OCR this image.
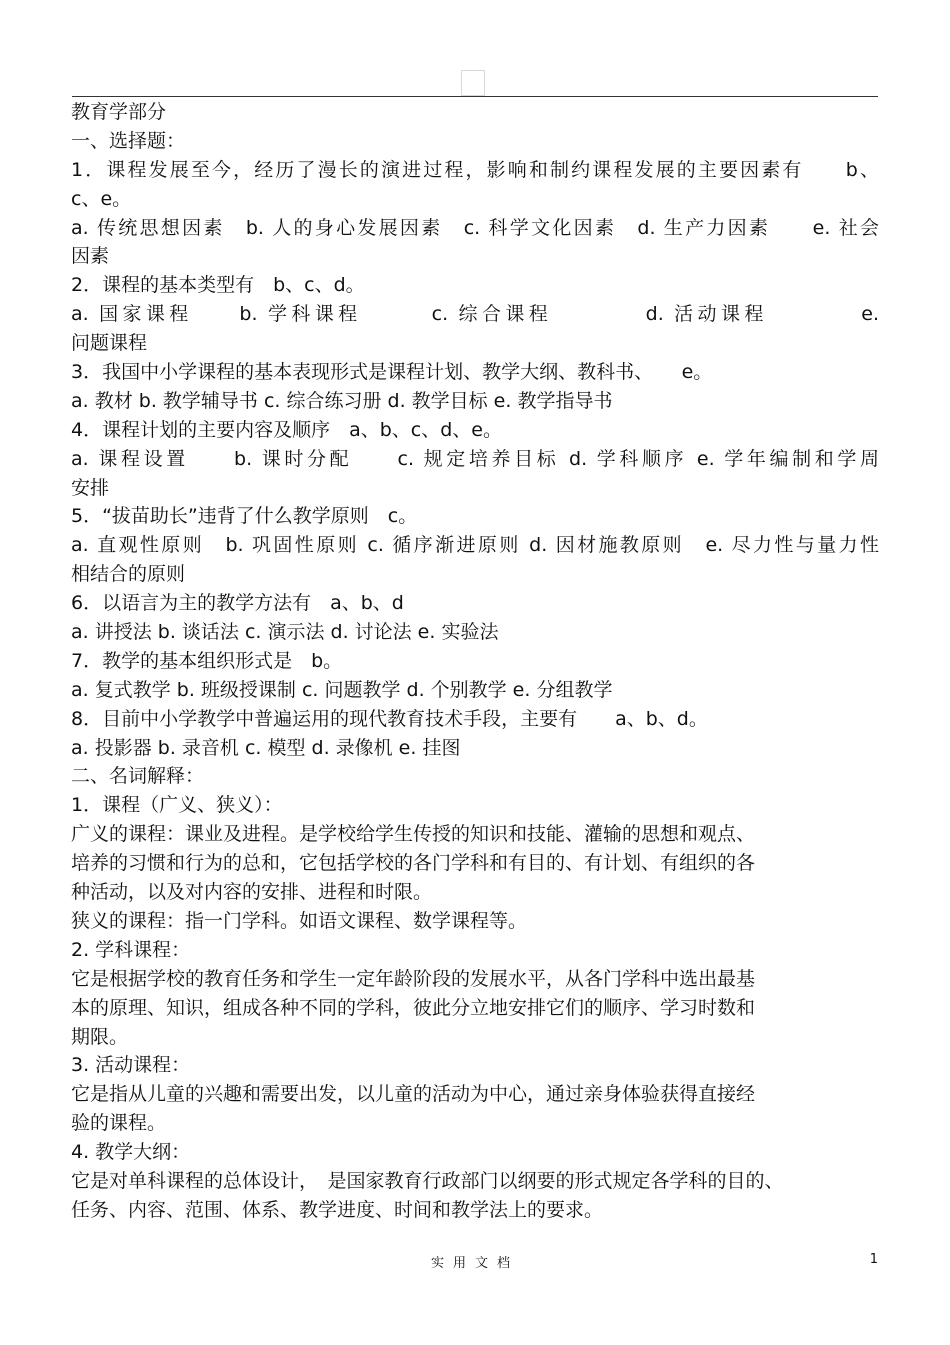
教育学部分
一、选择题：
1．课程发展至今，经历了漫长的演进过程，影响和制约课程发展的主要因素有　　b、
c、e。
a. 传统思想因素　b. 人的身心发展因素　c. 科学文化因素　d. 生产力因素　　e. 社会
因素
2．课程的基本类型有　b、c、d。
a. 国家课程　　b. 学科课程　　　c. 综合课程　　　　d. 活动课程　　　　e.
问题课程
3．我国中小学课程的基本表现形式是课程计划、教学大纲、教科书、　　e。
a. 教材 b. 教学辅导书 c. 综合练习册 d. 教学目标 e. 教学指导书
4．课程计划的主要内容及顺序　a、b、c、d、e。
a. 课程设置　　b. 课时分配　　c. 规定培养目标 d. 学科顺序 e. 学年编制和学周
安排
5．“拔苗助长”违背了什么教学原则　c。
a. 直观性原则　b. 巩固性原则 c. 循序渐进原则 d. 因材施教原则　e. 尽力性与量力性
相结合的原则
6．以语言为主的教学方法有　a、b、d
a. 讲授法 b. 谈话法 c. 演示法 d. 讨论法 e. 实验法
7．教学的基本组织形式是　b。
a. 复式教学 b. 班级授课制 c. 问题教学 d. 个别教学 e. 分组教学
8．目前中小学教学中普遍运用的现代教育技术手段，主要有　　a、b、d。
a. 投影器 b. 录音机 c. 模型 d. 录像机 e. 挂图
二、名词解释：
1．课程（广义、狭义）：
广义的课程：课业及进程。是学校给学生传授的知识和技能、灌输的思想和观点、
培养的习惯和行为的总和，它包括学校的各门学科和有目的、有计划、有组织的各
种活动，以及对内容的安排、进程和时限。
狭义的课程：指一门学科。如语文课程、数学课程等。
2. 学科课程：
它是根据学校的教育任务和学生一定年龄阶段的发展水平，从各门学科中选出最基
本的原理、知识，组成各种不同的学科，彼此分立地安排它们的顺序、学习时数和
期限。
3. 活动课程：
它是指从儿童的兴趣和需要出发，以儿童的活动为中心，通过亲身体验获得直接经
验的课程。
4. 教学大纲：
它是对单科课程的总体设计，　是国家教育行政部门以纲要的形式规定各学科的目的、
任务、内容、范围、体系、教学进度、时间和教学法上的要求。
实用文档	1
